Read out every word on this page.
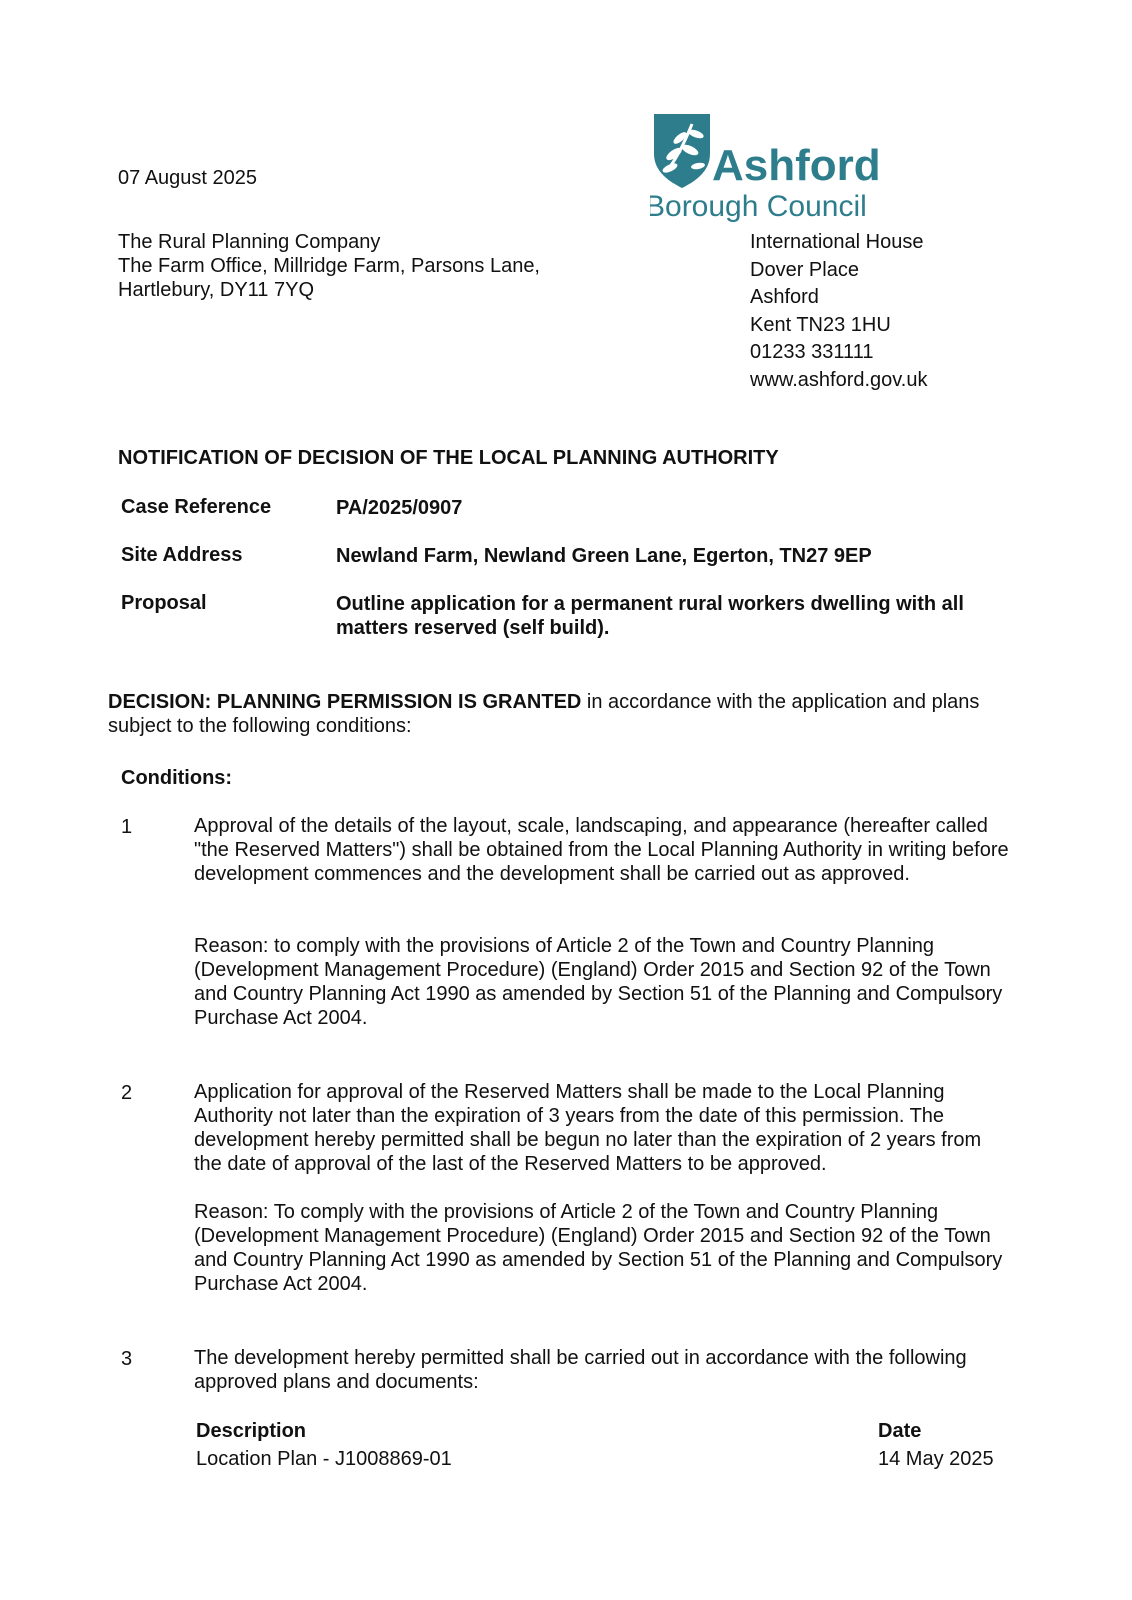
07 August 2025
The Rural Planning Company
The Farm Office, Millridge Farm, Parsons Lane,
Hartlebury, DY11 7YQ
Ashford
Borough Council
International House
Dover Place
Ashford
Kent TN23 1HU
01233 331111
www.ashford.gov.uk
NOTIFICATION OF DECISION OF THE LOCAL PLANNING AUTHORITY
Case Reference	PA/2025/0907
Site Address	Newland Farm, Newland Green Lane, Egerton, TN27 9EP
Proposal	Outline application for a permanent rural workers dwelling with all matters reserved (self build).
DECISION: PLANNING PERMISSION IS GRANTED in accordance with the application and plans subject to the following conditions:
Conditions:
1	Approval of the details of the layout, scale, landscaping, and appearance (hereafter called "the Reserved Matters") shall be obtained from the Local Planning Authority in writing before development commences and the development shall be carried out as approved.
Reason: to comply with the provisions of Article 2 of the Town and Country Planning (Development Management Procedure) (England) Order 2015 and Section 92 of the Town and Country Planning Act 1990 as amended by Section 51 of the Planning and Compulsory Purchase Act 2004.
2	Application for approval of the Reserved Matters shall be made to the Local Planning Authority not later than the expiration of 3 years from the date of this permission. The development hereby permitted shall be begun no later than the expiration of 2 years from the date of approval of the last of the Reserved Matters to be approved.
Reason: To comply with the provisions of Article 2 of the Town and Country Planning (Development Management Procedure) (England) Order 2015 and Section 92 of the Town and Country Planning Act 1990 as amended by Section 51 of the Planning and Compulsory Purchase Act 2004.
3	The development hereby permitted shall be carried out in accordance with the following approved plans and documents:
Description	Date
Location Plan - J1008869-01	14 May 2025
